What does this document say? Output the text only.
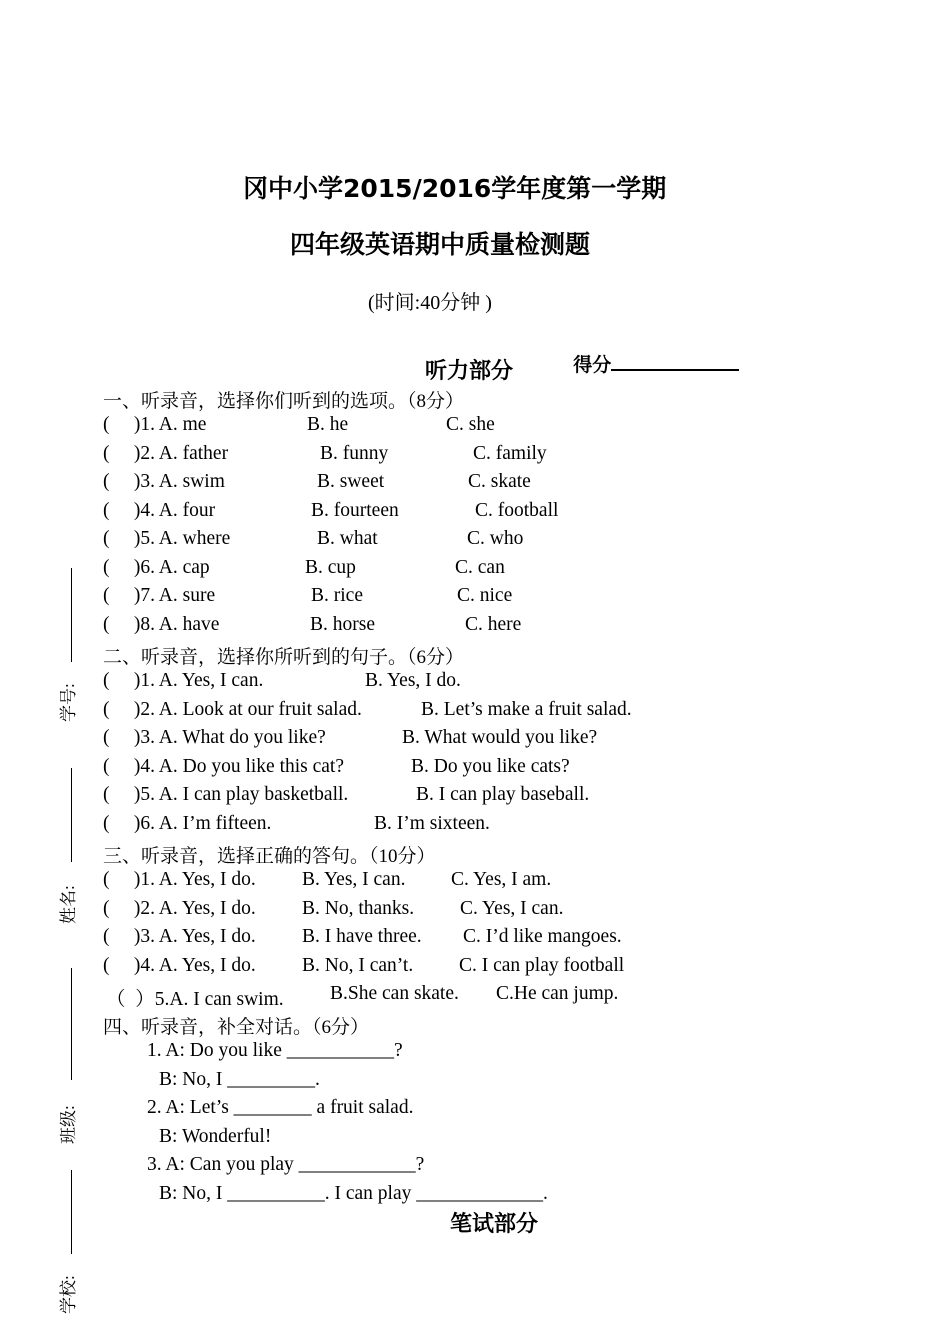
冈中小学2015/2016学年度第一学期
四年级英语期中质量检测题
(时间:40分钟 )

得分

听力部分
一、听录音，选择你们听到的选项。（8分）
(     )1. A. me	B. he	C. she
(     )2. A. father	B. funny	C. family
(     )3. A. swim	B. sweet	C. skate
(     )4. A. four	B. fourteen	C. football
(     )5. A. where	B. what	C. who
(     )6. A. cap	B. cup	C. can
(     )7. A. sure	B. rice	C. nice
(     )8. A. have	B. horse	C. here
二、听录音，选择你所听到的句子。（6分）
(     )1. A. Yes, I can.	B. Yes, I do.
(     )2. A. Look at our fruit salad.	B. Let’s make a fruit salad.
(     )3. A. What do you like?	B. What would you like?
(     )4. A. Do you like this cat?	B. Do you like cats?
(     )5. A. I can play basketball.	B. I can play baseball.
(     )6. A. I’m fifteen.	B. I’m sixteen.
三、听录音，选择正确的答句。（10分）
(     )1. A. Yes, I do. B. Yes, I can. C. Yes, I am.
(     )2. A. Yes, I do. B. No, thanks. C. Yes, I can.
(     )3. A. Yes, I do. B. I have three. C. I’d like mangoes.
(     )4. A. Yes, I do. B. No, I can’t. C. I can play football
（  ）5.A. I can swim. B.She can skate. C.He can jump.
四、听录音，补全对话。（6分）
1. A: Do you like ___________?
B: No, I _________.
2. A: Let’s ________ a fruit salad.
B: Wonderful!
3. A: Can you play ____________?
B: No, I __________. I can play _____________.
笔试部分
学号:
姓名:
班级:
学校:
